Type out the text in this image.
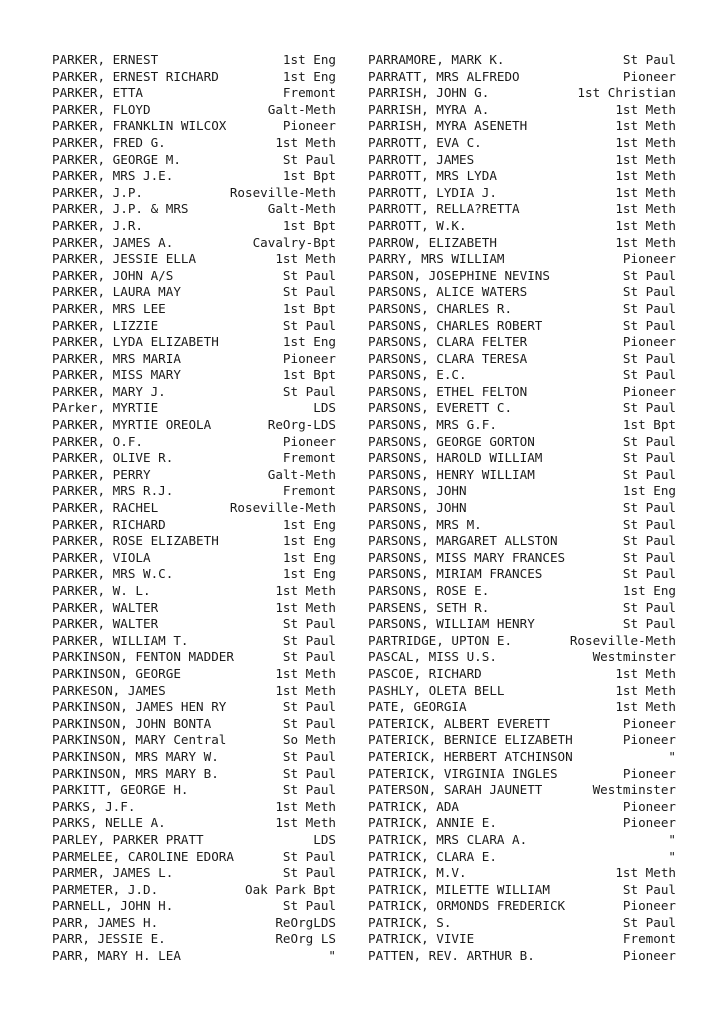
PARKER, ERNEST	1st Eng
PARKER, ERNEST RICHARD	1st Eng
PARKER, ETTA	Fremont
PARKER, FLOYD	Galt-Meth
PARKER, FRANKLIN WILCOX	Pioneer
PARKER, FRED G.	1st Meth
PARKER, GEORGE M.	St Paul
PARKER, MRS J.E.	1st Bpt
PARKER, J.P.	Roseville-Meth
PARKER, J.P. & MRS	Galt-Meth
PARKER, J.R.	1st Bpt
PARKER, JAMES A.	Cavalry-Bpt
PARKER, JESSIE ELLA	1st Meth
PARKER, JOHN A/S	St Paul
PARKER, LAURA MAY	St Paul
PARKER, MRS LEE	1st Bpt
PARKER, LIZZIE	St Paul
PARKER, LYDA ELIZABETH	1st Eng
PARKER, MRS MARIA	Pioneer
PARKER, MISS MARY	1st Bpt
PARKER, MARY J.	St Paul
PArker, MYRTIE	LDS
PARKER, MYRTIE OREOLA	ReOrg-LDS
PARKER, O.F.	Pioneer
PARKER, OLIVE R.	Fremont
PARKER, PERRY	Galt-Meth
PARKER, MRS R.J.	Fremont
PARKER, RACHEL	Roseville-Meth
PARKER, RICHARD	1st Eng
PARKER, ROSE ELIZABETH	1st Eng
PARKER, VIOLA	1st Eng
PARKER, MRS W.C.	1st Eng
PARKER, W. L.	1st Meth
PARKER, WALTER	1st Meth
PARKER, WALTER	St Paul
PARKER, WILLIAM T.	St Paul
PARKINSON, FENTON MADDER	St Paul
PARKINSON, GEORGE	1st Meth
PARKESON, JAMES	1st Meth
PARKINSON, JAMES HEN RY	St Paul
PARKINSON, JOHN BONTA	St Paul
PARKINSON, MARY Central	So Meth
PARKINSON, MRS MARY W.	St Paul
PARKINSON, MRS MARY B.	St Paul
PARKITT, GEORGE H.	St Paul
PARKS, J.F.	1st Meth
PARKS, NELLE A.	1st Meth
PARLEY, PARKER PRATT	LDS
PARMELEE, CAROLINE EDORA	St Paul
PARMER, JAMES L.	St Paul
PARMETER, J.D.	Oak Park Bpt
PARNELL, JOHN H.	St Paul
PARR, JAMES H.	ReOrgLDS
PARR, JESSIE E.	ReOrg LS
PARR, MARY H. LEA	"
PARRAMORE, MARK K.	St Paul
PARRATT, MRS ALFREDO	Pioneer
PARRISH, JOHN G.	1st Christian
PARRISH, MYRA A.	1st Meth
PARRISH, MYRA ASENETH	1st Meth
PARROTT, EVA C.	1st Meth
PARROTT, JAMES	1st Meth
PARROTT, MRS LYDA	1st Meth
PARROTT, LYDIA J.	1st Meth
PARROTT, RELLA?RETTA	1st Meth
PARROTT, W.K.	1st Meth
PARROW, ELIZABETH	1st Meth
PARRY, MRS WILLIAM	Pioneer
PARSON, JOSEPHINE NEVINS	St Paul
PARSONS, ALICE WATERS	St Paul
PARSONS, CHARLES R.	St Paul
PARSONS, CHARLES ROBERT	St Paul
PARSONS, CLARA FELTER	Pioneer
PARSONS, CLARA TERESA	St Paul
PARSONS, E.C.	St Paul
PARSONS, ETHEL FELTON	Pioneer
PARSONS, EVERETT C.	St Paul
PARSONS, MRS G.F.	1st Bpt
PARSONS, GEORGE GORTON	St Paul
PARSONS, HAROLD WILLIAM	St Paul
PARSONS, HENRY WILLIAM	St Paul
PARSONS, JOHN	1st Eng
PARSONS, JOHN	St Paul
PARSONS, MRS M.	St Paul
PARSONS, MARGARET ALLSTON	St Paul
PARSONS, MISS MARY FRANCES	St Paul
PARSONS, MIRIAM FRANCES	St Paul
PARSONS, ROSE E.	1st Eng
PARSENS, SETH R.	St Paul
PARSONS, WILLIAM HENRY	St Paul
PARTRIDGE, UPTON E.	Roseville-Meth
PASCAL, MISS U.S.	Westminster
PASCOE, RICHARD	1st Meth
PASHLY, OLETA BELL	1st Meth
PATE, GEORGIA	1st Meth
PATERICK, ALBERT EVERETT	Pioneer
PATERICK, BERNICE ELIZABETH	Pioneer
PATERICK, HERBERT ATCHINSON	"
PATERICK, VIRGINIA INGLES	Pioneer
PATERSON, SARAH JAUNETT	Westminster
PATRICK, ADA	Pioneer
PATRICK, ANNIE E.	Pioneer
PATRICK, MRS CLARA A.	"
PATRICK, CLARA E.	"
PATRICK, M.V.	1st Meth
PATRICK, MILETTE WILLIAM	St Paul
PATRICK, ORMONDS FREDERICK	Pioneer
PATRICK, S.	St Paul
PATRICK, VIVIE	Fremont
PATTEN, REV. ARTHUR B.	Pioneer
